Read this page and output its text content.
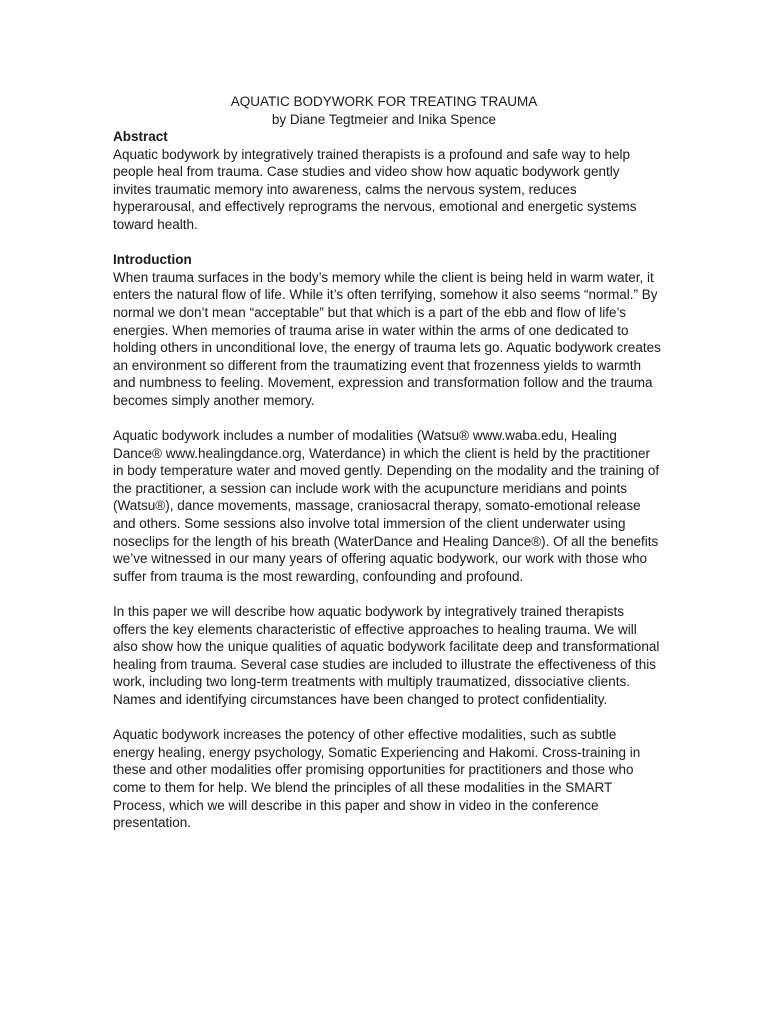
AQUATIC BODYWORK FOR TREATING TRAUMA
by Diane Tegtmeier and Inika Spence

Abstract

Aquatic bodywork by integratively trained therapists is a profound and safe way to help people heal from trauma. Case studies and video show how aquatic bodywork gently invites traumatic memory into awareness, calms the nervous system, reduces hyperarousal, and effectively reprograms the nervous, emotional and energetic systems toward health.

Introduction

When trauma surfaces in the body’s memory while the client is being held in warm water, it enters the natural flow of life. While it’s often terrifying, somehow it also seems “normal.” By normal we don’t mean “acceptable” but that which is a part of the ebb and flow of life’s energies. When memories of trauma arise in water within the arms of one dedicated to holding others in unconditional love, the energy of trauma lets go. Aquatic bodywork creates an environment so different from the traumatizing event that frozenness yields to warmth and numbness to feeling. Movement, expression and transformation follow and the trauma becomes simply another memory.

Aquatic bodywork includes a number of modalities (Watsu® www.waba.edu, Healing Dance® www.healingdance.org, Waterdance) in which the client is held by the practitioner in body temperature water and moved gently. Depending on the modality and the training of the practitioner, a session can include work with the acupuncture meridians and points (Watsu®), dance movements, massage, craniosacral therapy, somato-emotional release and others. Some sessions also involve total immersion of the client underwater using noseclips for the length of his breath (WaterDance and Healing Dance®). Of all the benefits we’ve witnessed in our many years of offering aquatic bodywork, our work with those who suffer from trauma is the most rewarding, confounding and profound.

In this paper we will describe how aquatic bodywork by integratively trained therapists offers the key elements characteristic of effective approaches to healing trauma. We will also show how the unique qualities of aquatic bodywork facilitate deep and transformational healing from trauma. Several case studies are included to illustrate the effectiveness of this work, including two long-term treatments with multiply traumatized, dissociative clients. Names and identifying circumstances have been changed to protect confidentiality.

Aquatic bodywork increases the potency of other effective modalities, such as subtle energy healing, energy psychology, Somatic Experiencing and Hakomi. Cross-training in these and other modalities offer promising opportunities for practitioners and those who come to them for help. We blend the principles of all these modalities in the SMART Process, which we will describe in this paper and show in video in the conference presentation.
